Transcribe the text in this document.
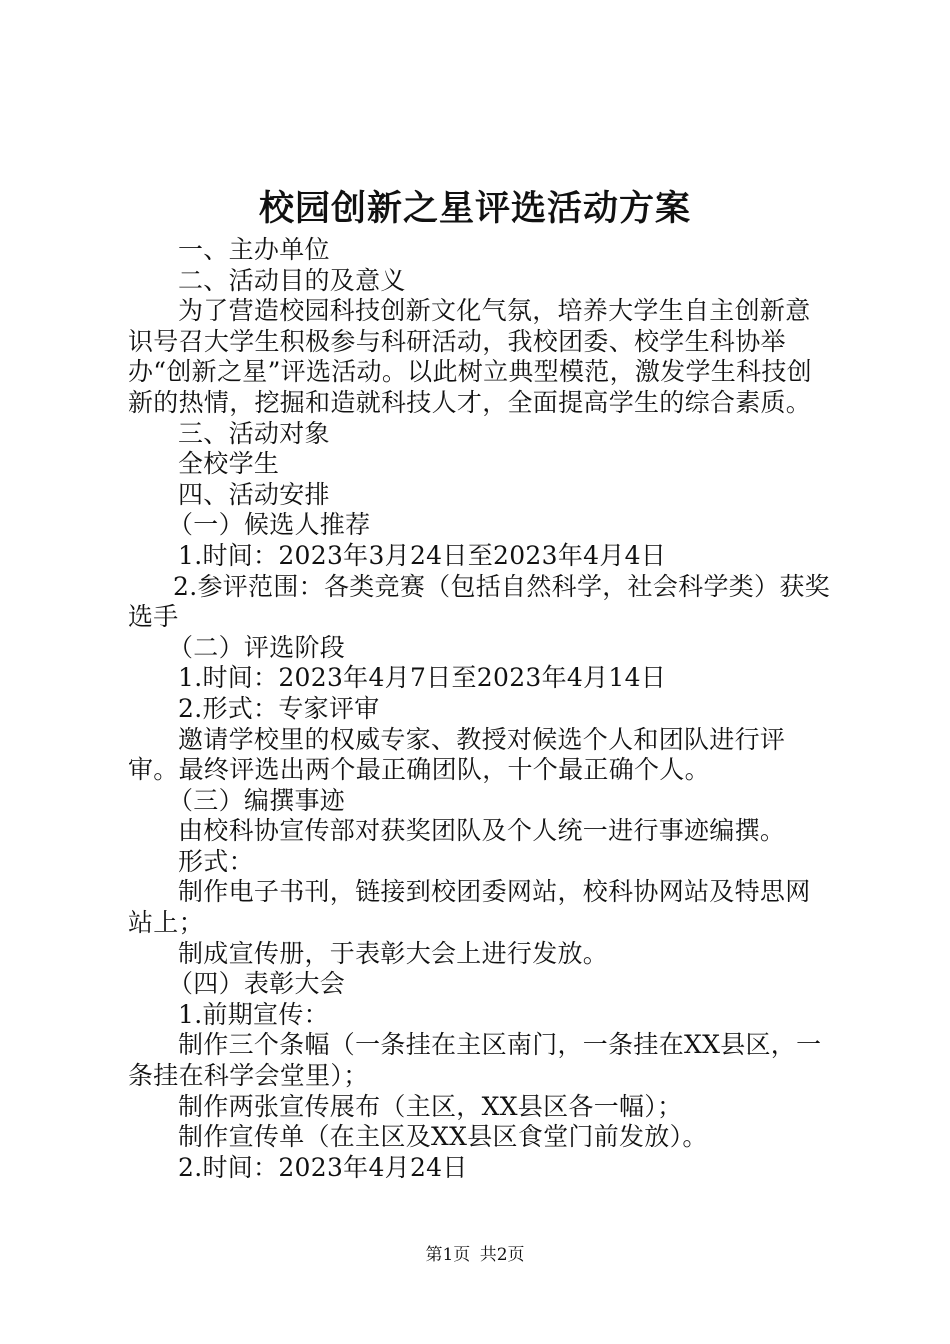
校园创新之星评选活动方案

一、主办单位

二、活动目的及意义

为了营造校园科技创新文化气氛，培养大学生自主创新意识号召大学生积极参与科研活动，我校团委、校学生科协举办“创新之星”评选活动。以此树立典型模范，激发学生科技创新的热情，挖掘和造就科技人才，全面提高学生的综合素质。

三、活动对象

全校学生

四、活动安排

（一）候选人推荐

1.时间：2023年3月24日至2023年4月4日

2.参评范围：各类竞赛（包括自然科学，社会科学类）获奖选手

（二）评选阶段

1.时间：2023年4月7日至2023年4月14日

2.形式：专家评审

邀请学校里的权威专家、教授对候选个人和团队进行评审。最终评选出两个最正确团队，十个最正确个人。

（三）编撰事迹

由校科协宣传部对获奖团队及个人统一进行事迹编撰。

形式：

制作电子书刊，链接到校团委网站，校科协网站及特思网站上；

制成宣传册，于表彰大会上进行发放。

（四）表彰大会

1.前期宣传：

制作三个条幅（一条挂在主区南门，一条挂在XX县区，一条挂在科学会堂里）；

制作两张宣传展布（主区，XX县区各一幅）；

制作宣传单（在主区及XX县区食堂门前发放）。

2.时间：2023年4月24日

第1页 共2页
